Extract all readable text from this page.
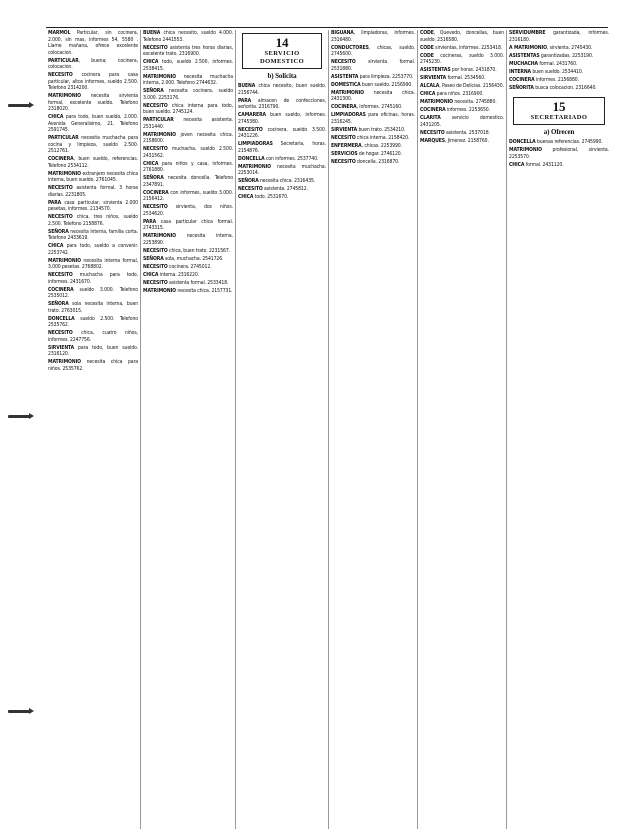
MARMOL Particular, sin cocinera, 2.000, sin mas, informes 54, 5580 . Llame mañana, ofrece excelente colocacion.

PARTICULAR, buena; cocinera, colocacion.

NECESITO cocinera para casa particular, altos informes, sueldo 2.500. Telefono 2314200.

MATRIMONIO necesita sirvienta formal, excelente sueldo. Telefono 2318020.

CHICA para todo, buen sueldo, 2.000. Avenida Generalisimo, 21. Telefono 2591745.

PARTICULAR necesita muchacha para cocina y limpieza, sueldo 2.500. 2512761.

COCINERA, buen sueldo, referencias. Telefono 2534112.

MATRIMONIO extranjero necesita chica interna, buen sueldo. 2761045.

NECESITO asistenta formal, 3 horas diarias. 2231805.

PARA casa particular, sirvienta 2.000 pesetas, informes. 2134570.

NECESITO chica, tres niños, sueldo 2.500. Telefono 2158876.

SEÑORA necesita interna, familia corta. Telefono 2433619.

CHICA para todo, sueldo a convenir. 2253742.

MATRIMONIO necesita interna formal, 3.000 pesetas. 2768802.

NECESITO muchacha para todo, informes. 2431670.

COCINERA sueldo 3.000. Telefono 2535012.

SEÑORA sola necesita interna, buen trato. 2763015.

DONCELLA sueldo 2.500. Telefono 2535762.

NECESITO chica, cuatro niños, informes. 2247756.

SIRVIENTA para todo, buen sueldo. 2316120.

MATRIMONIO necesita chica para niños. 2535762.

BUENA chica necesito, sueldo 4.000. Telefono 2441553.

NECESITO asistenta tres horas diarias, excelente trato. 2316900.

CHICA todo, sueldo 2.500, informes. 2538415.

MATRIMONIO necesita muchacha interna, 2.000. Telefono 2744632.

SEÑORA necesita cocinera, sueldo 3.000. 2253176.

NECESITO chica interna para todo, buen sueldo. 2745124.

PARTICULAR necesita asistenta. 2531440.

MATRIMONIO joven necesita chica. 2158600.

NECESITO muchacha, sueldo 2.500. 2431562.

CHICA para niños y casa, informes. 2761880.

SEÑORA necesita doncella. Telefono 2347891.

COCINERA con informes, sueldo 3.000. 2156412.

NECESITO sirvienta, dos niños. 2534620.

PARA casa particular chica formal. 2743315.

MATRIMONIO necesita interna. 2253890.

NECESITO chica, buen trato. 2231567.

SEÑORA sola, muchacha. 2541726.

NECESITO cocinera. 2745012.

CHICA interna. 2316220.

NECESITO asistenta formal. 2533418.

MATRIMONIO necesita chica. 2157731.

14
SERVICIO DOMESTICO
b) Solicita

BUENA chica necesito, buen sueldo. 2156744.

PARA almacen de confecciones, señorita. 2316790.

CAMARERA buen sueldo, informes. 2745380.

NECESITO cocinera, sueldo 3.500. 2431226.

LIMPIADORAS Secretaria, horas. 2154876.

DONCELLA con informes. 2537740.

MATRIMONIO necesita muchacha. 2253014.

SEÑORA necesita chica. 2316435.

NECESITO asistenta. 2745812.

CHICA todo. 2531670.

BIGUANA, limpiadoras, informes. 2316480.

CONDUCTORES, chicas, sueldo. 2745600.

NECESITO sirvienta formal. 2531880.

ASISTENTA para limpieza. 2253770.

DOMESTICA buen sueldo. 2156990.

MATRIMONIO necesita chica. 2431300.

COCINERA, informes. 2745160.

LIMPIADORAS para oficinas, horas. 2316245.

SIRVIENTA buen trato. 2534210.

NECESITO chica interna. 2158420.

ENFERMERA, chicas. 2253990.

SERVICIOS de hogar. 2746120.

NECESITO doncella. 2316870.

CODE, Quevedo, doncellas, buen sueldo. 2316580.

CODE sirvientas, informes. 2253418.

CODE cocineras, sueldo 3.000. 2745230.

ASISTENTAS por horas. 2431870.

SIRVIENTA formal. 2534560.

ALCALA, Paseo de Delicias. 2156430.

CHICA para niños. 2316900.

MATRIMONIO necesita. 2745880.

COCINERA informes. 2253650.

CLARITA servicio domestico. 2431205.

NECESITO asistenta. 2537018.

MARQUES, Jimenez. 2158760.

SERVIDUMBRE garantizada, informes. 2316180.

A MATRIMONIO, sirvienta. 2745430.

ASISTENTAS garantizadas. 2253190.

MUCHACHA formal. 2431760.

INTERNA buen sueldo. 2534410.

COCINERA informes. 2156880.

SEÑORITA busca colocacion. 2316640.

15
SECRETARIADO
a) Ofrecen

DONCELLA buenas referencias. 2745990.

MATRIMONIO profesional, sirvienta. 2253570.

CHICA formal. 2431120.
